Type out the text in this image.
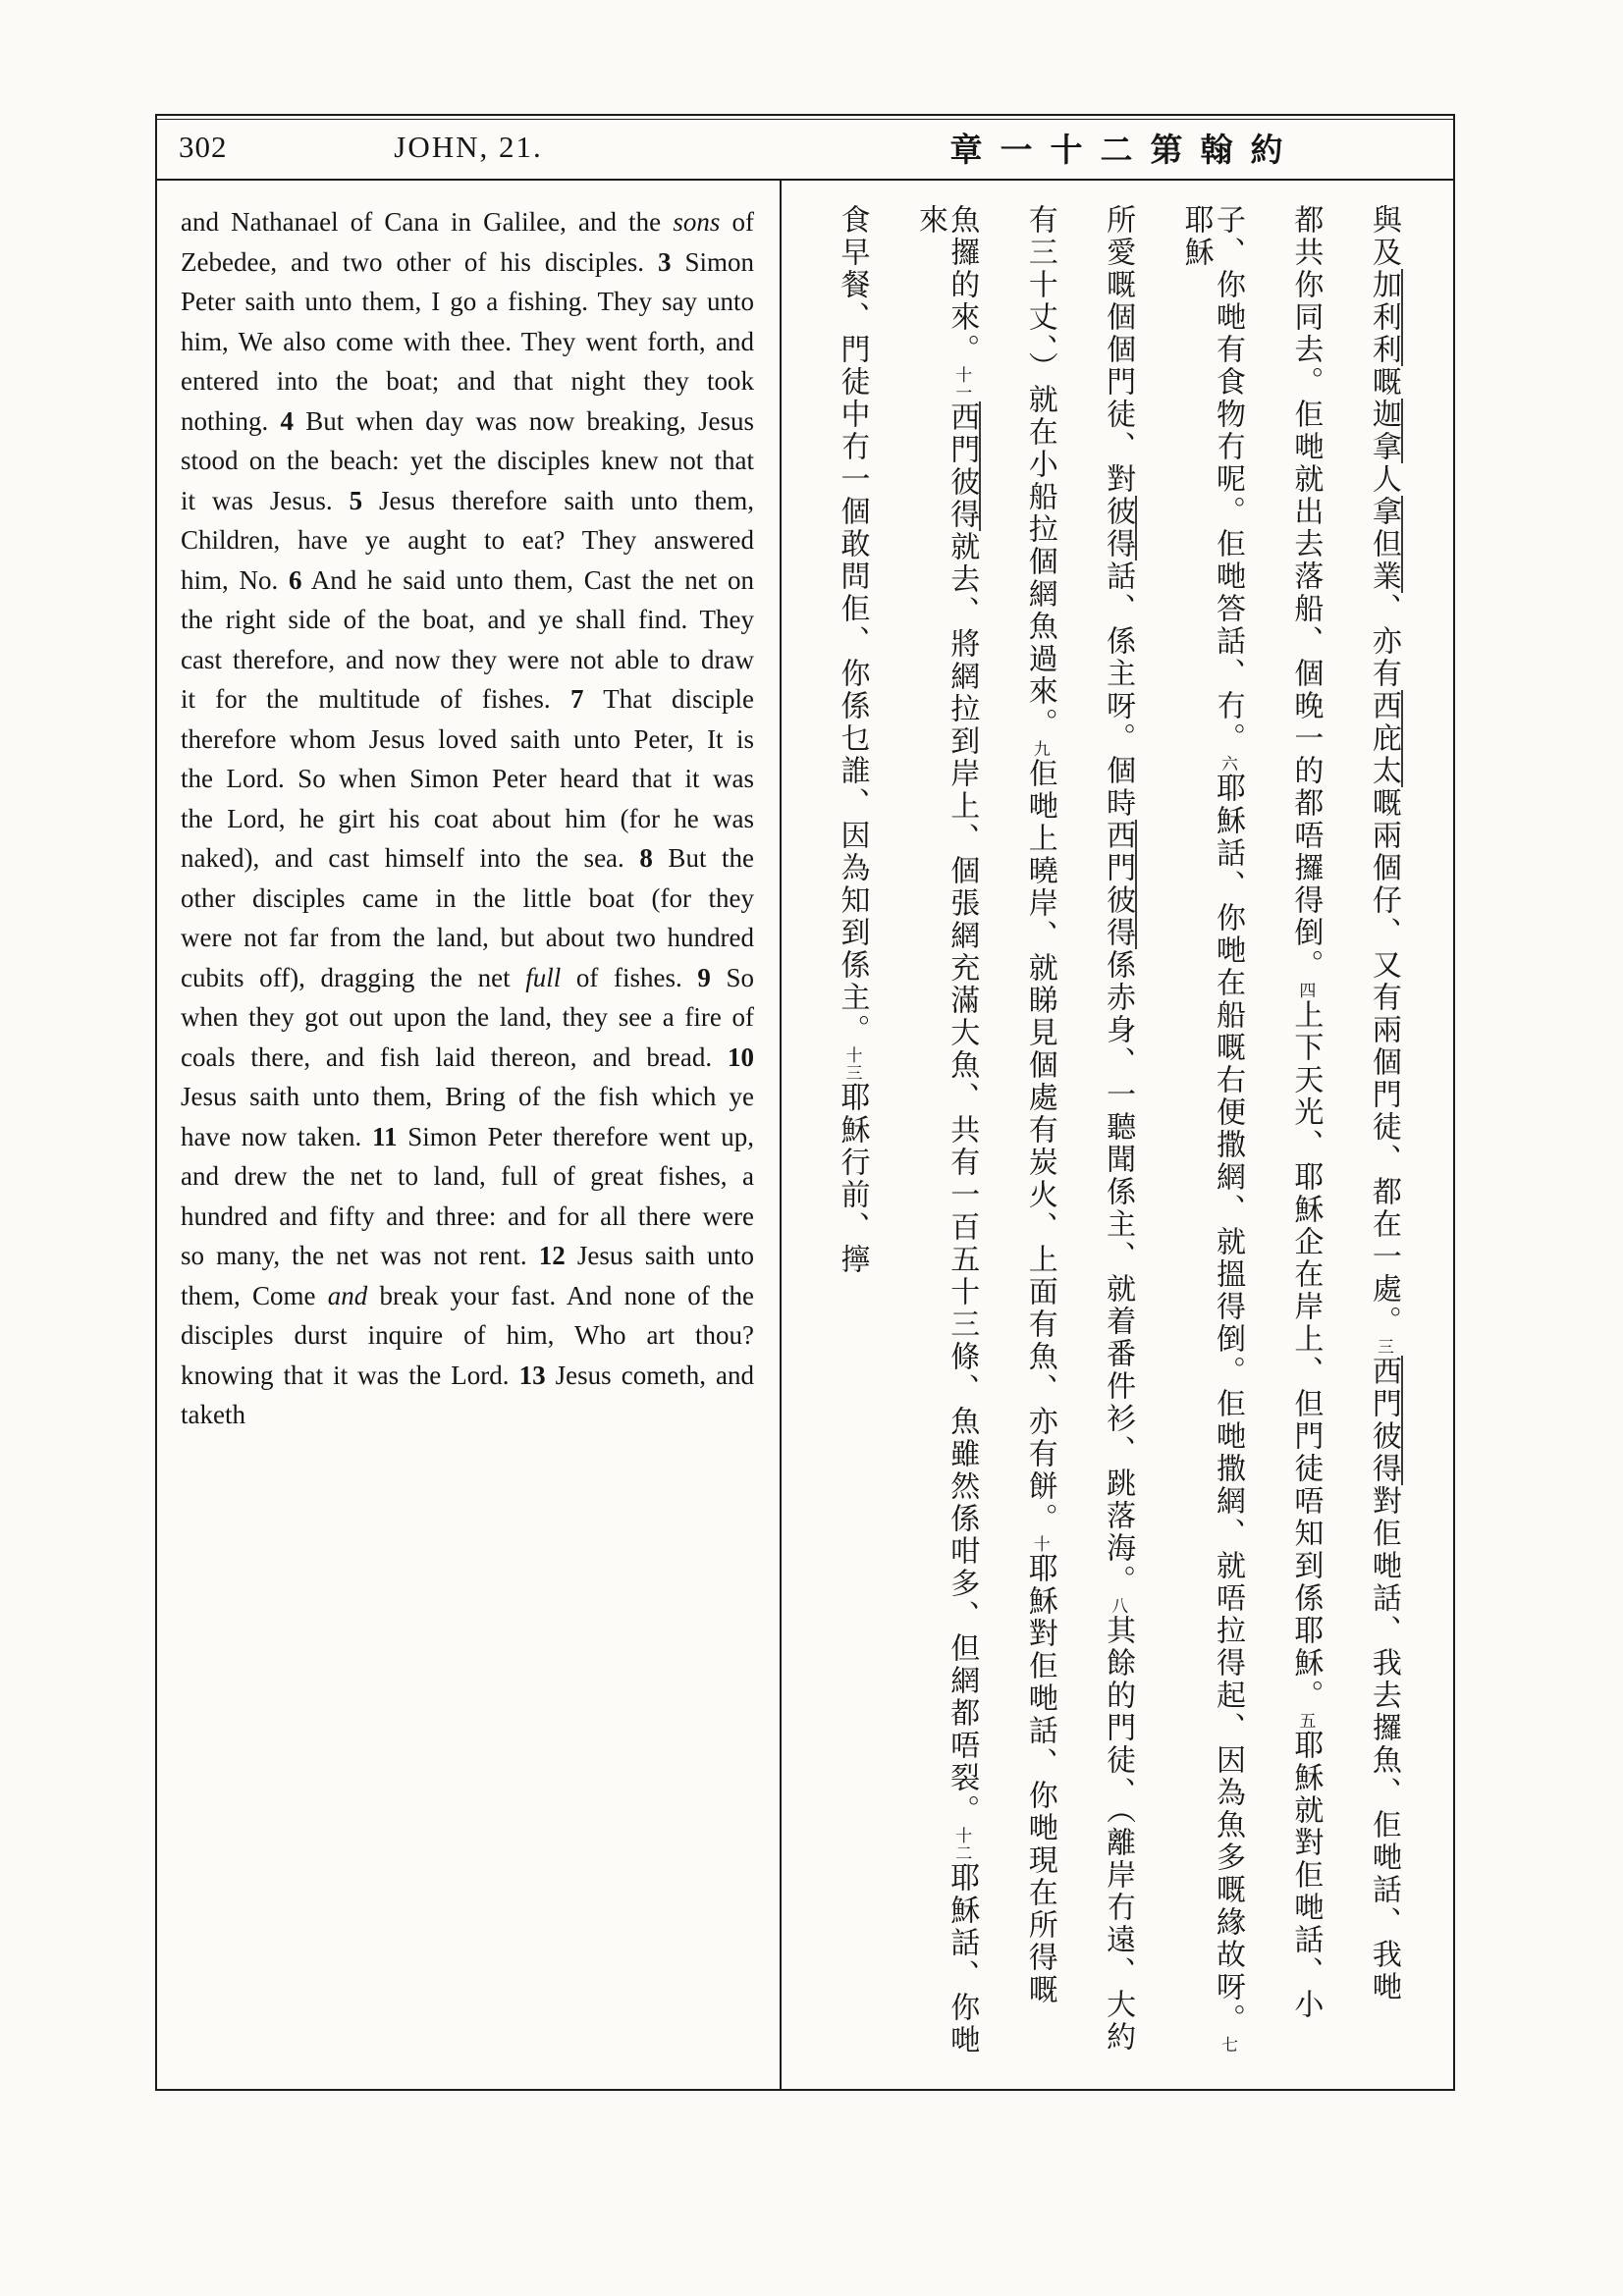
302	JOHN, 21.	章一十二第翰約
and Nathanael of Cana in Galilee, and the sons of Zebedee, and two other of his disciples. 3 Simon Peter saith unto them, I go a fishing. They say unto him, We also come with thee. They went forth, and entered into the boat; and that night they took nothing. 4 But when day was now breaking, Jesus stood on the beach: yet the disciples knew not that it was Jesus. 5 Jesus therefore saith unto them, Children, have ye aught to eat? They answered him, No. 6 And he said unto them, Cast the net on the right side of the boat, and ye shall find. They cast therefore, and now they were not able to draw it for the multitude of fishes. 7 That disciple therefore whom Jesus loved saith unto Peter, It is the Lord. So when Simon Peter heard that it was the Lord, he girt his coat about him (for he was naked), and cast himself into the sea. 8 But the other disciples came in the little boat (for they were not far from the land, but about two hundred cubits off), dragging the net full of fishes. 9 So when they got out upon the land, they see a fire of coals there, and fish laid thereon, and bread. 10 Jesus saith unto them, Bring of the fish which ye have now taken. 11 Simon Peter therefore went up, and drew the net to land, full of great fishes, a hundred and fifty and three: and for all there were so many, the net was not rent. 12 Jesus saith unto them, Come and break your fast. And none of the disciples durst inquire of him, Who art thou? knowing that it was the Lord. 13 Jesus cometh, and taketh
與及加利利嘅迦拿人拿但業、亦有西庇太嘅兩個仔、又有兩個門徒、都在一處。三西門彼得對佢哋話、我去攞魚、佢哋話、我哋
都共你同去。佢哋就出去落船、個晚一的都唔攞得倒。四上下天光、耶穌企在岸上、但門徒唔知到係耶穌。五耶穌就對佢哋話、小
子、你哋有食物冇呢。佢哋答話、冇。六耶穌話、你哋在船嘅右便撒網、就搵得倒。佢哋撒網、就唔拉得起、因為魚多嘅緣故呀。七耶穌
所愛嘅個個門徒、對彼得話、係主呀。個時西門彼得係赤身、一聽聞係主、就着番件衫、跳落海。八其餘的門徒、（離岸冇遠、大約
有三十丈、）就在小船拉個網魚過來。九佢哋上曉岸、就睇見個處有炭火、上面有魚、亦有餅。十耶穌對佢哋話、你哋現在所得嘅
魚攞的來。十一西門彼得就去、將網拉到岸上、個張網充滿大魚、共有一百五十三條、魚雖然係咁多、但網都唔裂。十二耶穌話、你哋來
食早餐、門徒中冇一個敢問佢、你係乜誰、因為知到係主。十三耶穌行前、擰
